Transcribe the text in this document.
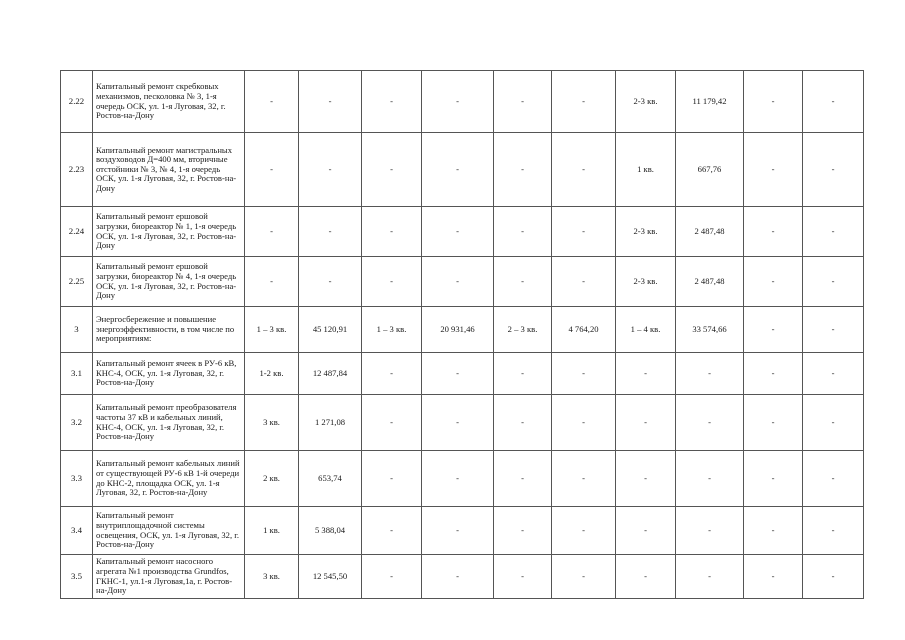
2.22	Капитальный ремонт скребковых механизмов, песколовка № 3, 1-я очередь ОСК, ул. 1-я Луговая, 32, г. Ростов-на-Дону	-	-	-	-	-	-	2-3 кв.	11 179,42	-	-
2.23	Капитальный ремонт магистральных воздуховодов Д=400 мм, вторичные отстойники № 3, № 4, 1-я очередь ОСК, ул. 1-я Луговая, 32, г. Ростов-на-Дону	-	-	-	-	-	-	1 кв.	667,76	-	-
2.24	Капитальный ремонт ершовой загрузки, биореактор № 1, 1-я очередь ОСК, ул. 1-я Луговая, 32, г. Ростов-на-Дону	-	-	-	-	-	-	2-3 кв.	2 487,48	-	-
2.25	Капитальный ремонт ершовой загрузки, биореактор № 4, 1-я очередь ОСК, ул. 1-я Луговая, 32, г. Ростов-на-Дону	-	-	-	-	-	-	2-3 кв.	2 487,48	-	-
3	Энергосбережение и повышение энергоэффективности, в том числе по мероприятиям:	1 – 3 кв.	45 120,91	1 – 3 кв.	20 931,46	2 – 3 кв.	4 764,20	1 – 4 кв.	33 574,66	-	-
3.1	Капитальный ремонт ячеек в РУ-6 кВ, КНС-4, ОСК, ул. 1-я Луговая, 32, г. Ростов-на-Дону	1-2 кв.	12 487,84	-	-	-	-	-	-	-	-
3.2	Капитальный ремонт преобразователя частоты 37 кВ и кабельных линий, КНС-4, ОСК, ул. 1-я Луговая, 32, г. Ростов-на-Дону	3 кв.	1 271,08	-	-	-	-	-	-	-	-
3.3	Капитальный ремонт кабельных линий от существующей РУ-6 кВ 1-й очереди до КНС-2, площадка ОСК, ул. 1-я Луговая, 32, г. Ростов-на-Дону	2 кв.	653,74	-	-	-	-	-	-	-	-
3.4	Капитальный ремонт внутриплощадочной системы освещения, ОСК, ул. 1-я Луговая, 32, г. Ростов-на-Дону	1 кв.	5 388,04	-	-	-	-	-	-	-	-
3.5	Капитальный ремонт насосного агрегата №1 производства Grundfos, ГКНС-1, ул.1-я Луговая,1а, г. Ростов-на-Дону	3 кв.	12 545,50	-	-	-	-	-	-	-	-
